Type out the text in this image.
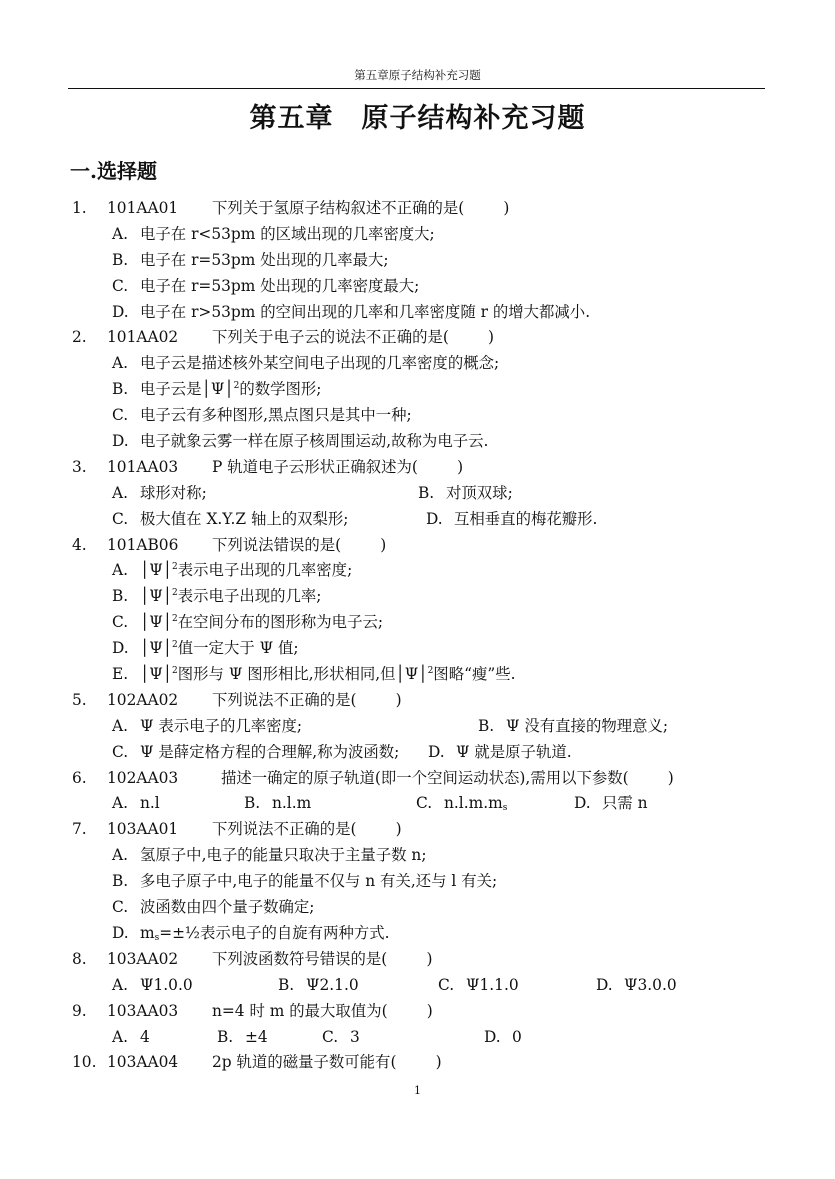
第五章原子结构补充习题
第五章　原子结构补充习题
一.选择题
1. 101AA01 下列关于氢原子结构叙述不正确的是(        )
A. 电子在 r<53pm 的区域出现的几率密度大;
B. 电子在 r=53pm 处出现的几率最大;
C. 电子在 r=53pm 处出现的几率密度最大;
D. 电子在 r>53pm 的空间出现的几率和几率密度随 r 的增大都减小.
2. 101AA02 下列关于电子云的说法不正确的是(        )
A. 电子云是描述核外某空间电子出现的几率密度的概念;
B. 电子云是│Ψ│$^2$的数学图形;
C. 电子云有多种图形,黑点图只是其中一种;
D. 电子就象云雾一样在原子核周围运动,故称为电子云.
3. 101AA03 P 轨道电子云形状正确叙述为(        )
A. 球形对称;	B. 对顶双球;
C. 极大值在 X.Y.Z 轴上的双梨形;	D. 互相垂直的梅花瓣形.
4. 101AB06 下列说法错误的是(        )
A. │Ψ│$^2$表示电子出现的几率密度;
B. │Ψ│$^2$表示电子出现的几率;
C. │Ψ│$^2$在空间分布的图形称为电子云;
D. │Ψ│$^2$值一定大于 Ψ 值;
E. │Ψ│$^2$图形与 Ψ 图形相比,形状相同,但│Ψ│$^2$图略“瘦”些.
5. 102AA02 下列说法不正确的是(        )
A. Ψ 表示电子的几率密度;	B. Ψ 没有直接的物理意义;
C. Ψ 是薛定格方程的合理解,称为波函数; D. Ψ 就是原子轨道.
6. 102AA03	描述一确定的原子轨道(即一个空间运动状态),需用以下参数(        )
A. n.l	B. n.l.m	C. $n.l.m.m_s$	D. 只需 n
7. 103AA01 下列说法不正确的是(        )
A. 氢原子中,电子的能量只取决于主量子数 n;
B. 多电子原子中,电子的能量不仅与 n 有关,还与 l 有关;
C. 波函数由四个量子数确定;
D. $m_s=\pm\frac{1}{2}$表示电子的自旋有两种方式.
8. 103AA02 下列波函数符号错误的是(        )
A. Ψ1.0.0	B. Ψ2.1.0	C. Ψ1.1.0	D. Ψ3.0.0
9. 103AA03 n=4 时 m 的最大取值为(        )
A. 4	B. ±4	C. 3	D. 0
10. 103AA04 2p 轨道的磁量子数可能有(        )
1
